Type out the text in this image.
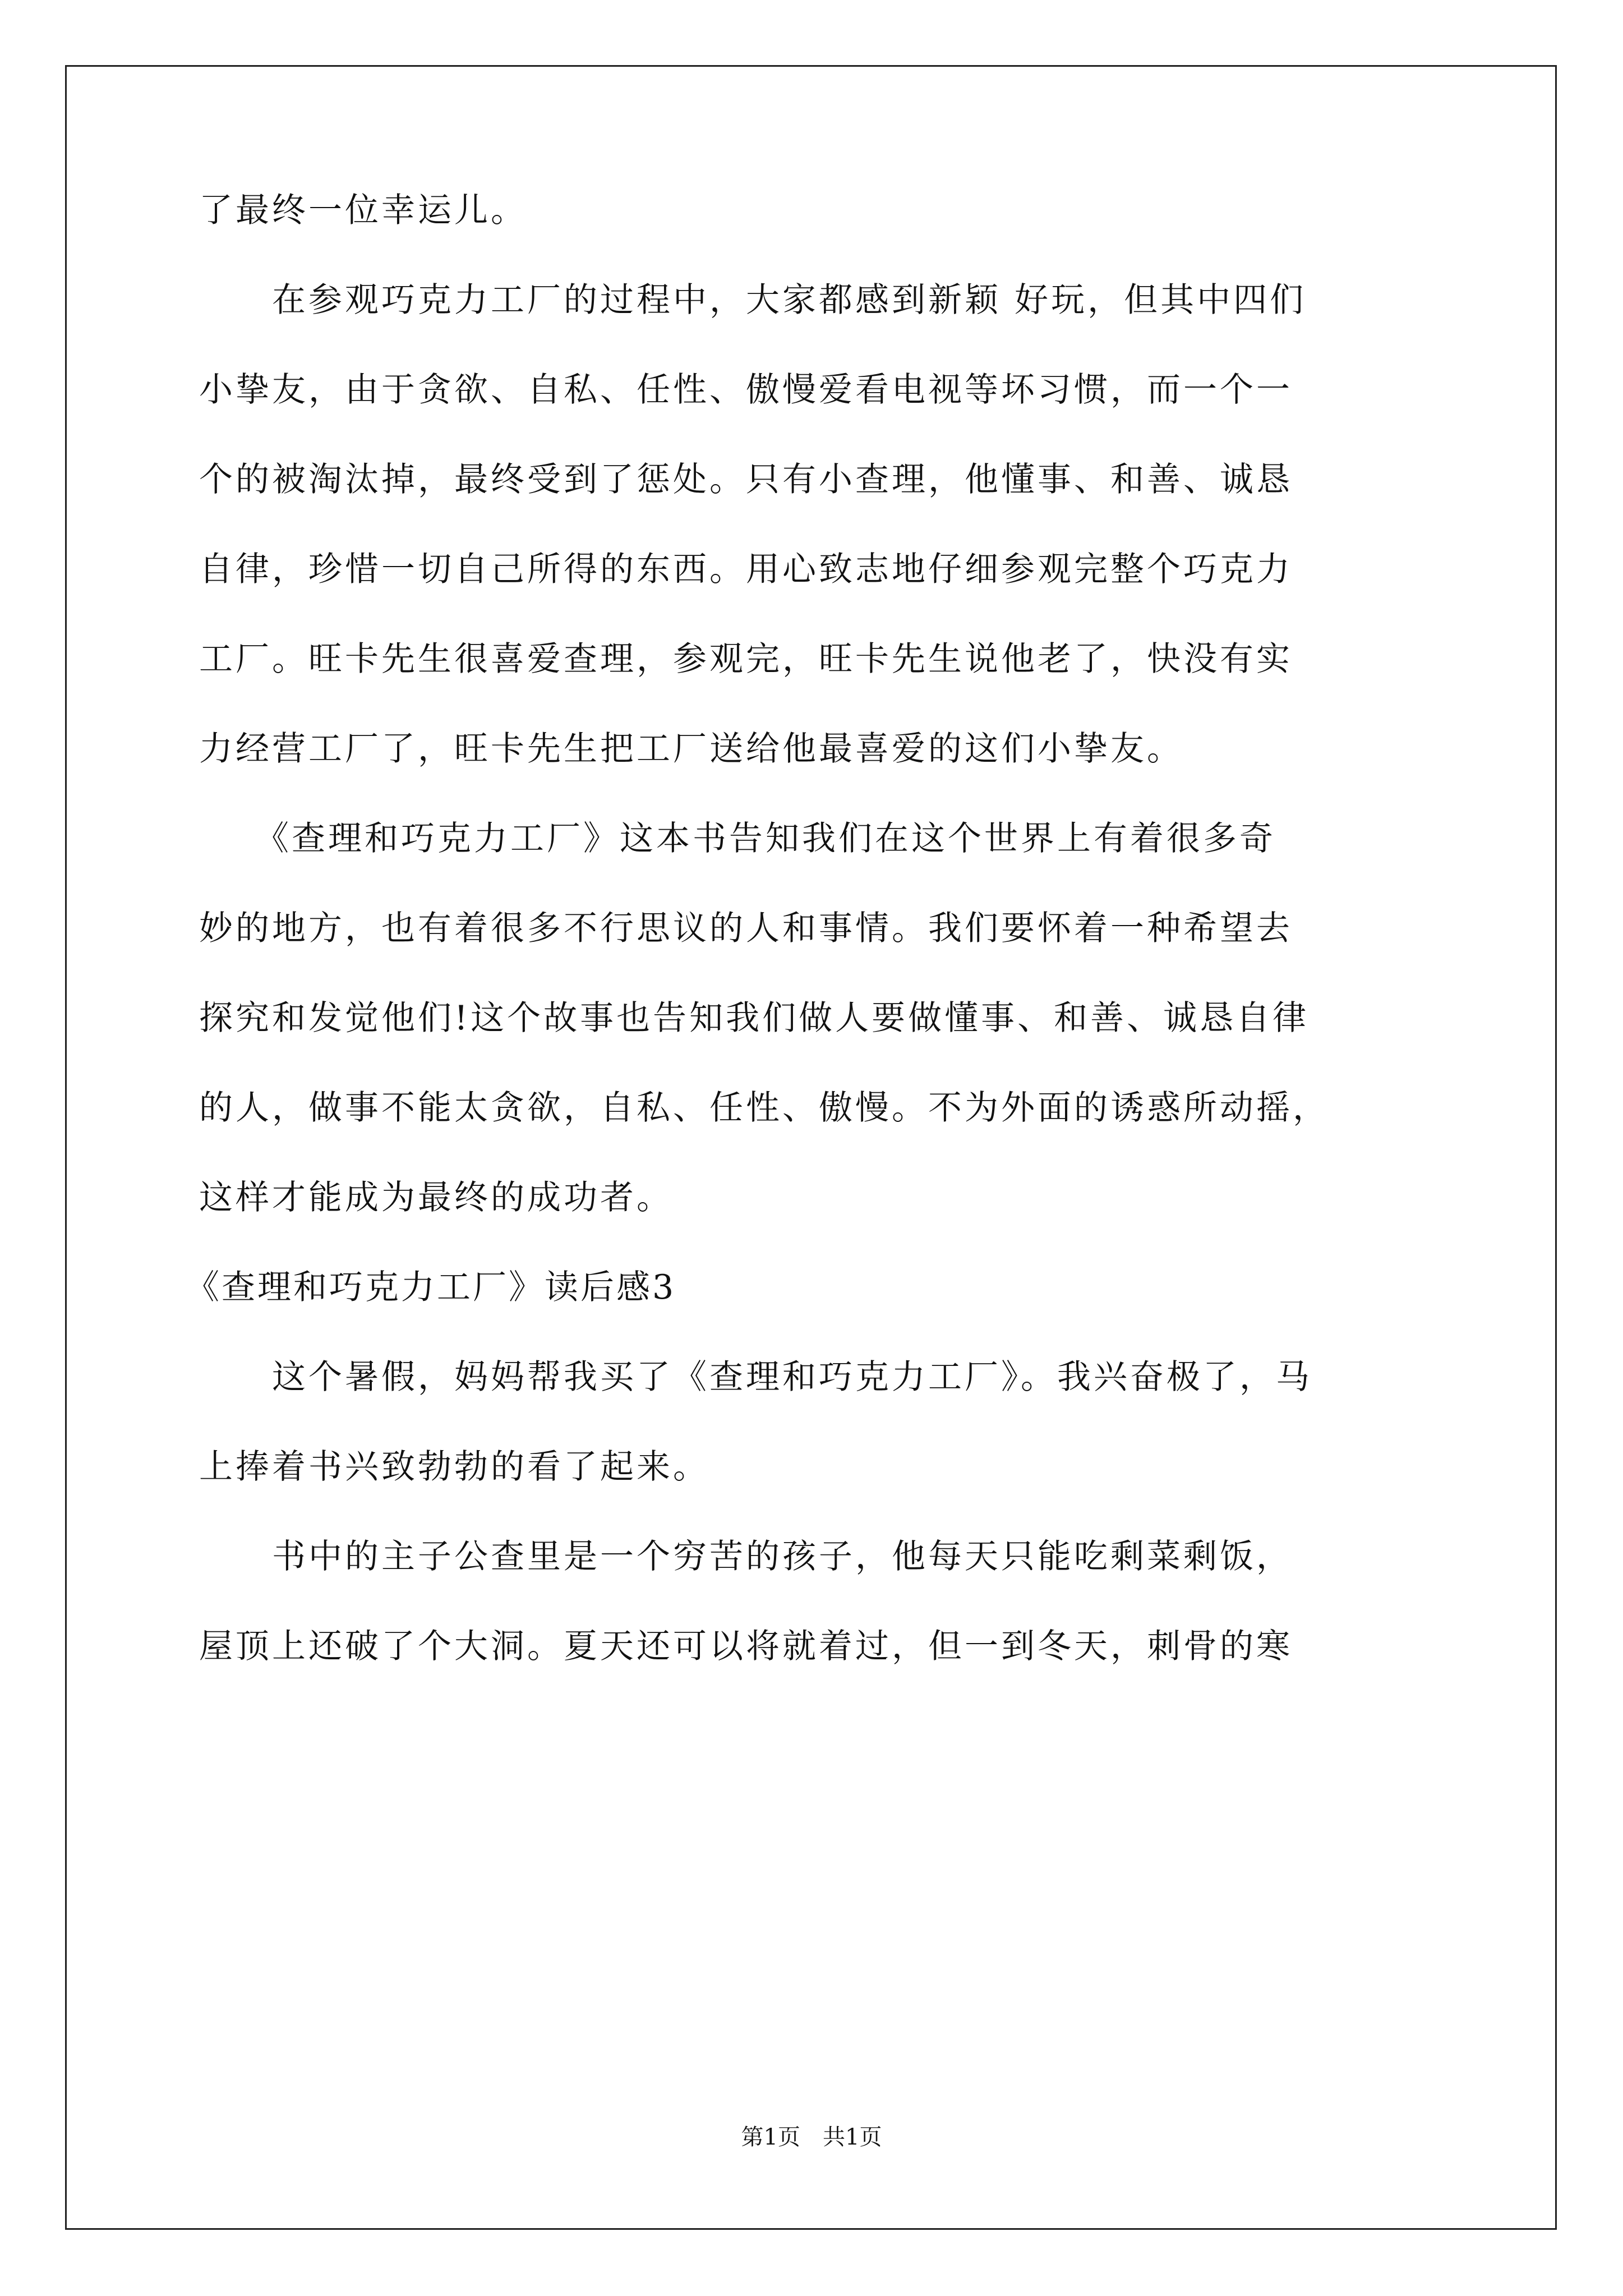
了最终一位幸运儿。
　　在参观巧克力工厂的过程中，大家都感到新颖 好玩，但其中四们
小挚友，由于贪欲、自私、任性、傲慢爱看电视等坏习惯，而一个一
个的被淘汰掉，最终受到了惩处。只有小查理，他懂事、和善、诚恳
自律，珍惜一切自己所得的东西。用心致志地仔细参观完整个巧克力
工厂。旺卡先生很喜爱查理，参观完，旺卡先生说他老了，快没有实
力经营工厂了，旺卡先生把工厂送给他最喜爱的这们小挚友。
　　《查理和巧克力工厂》这本书告知我们在这个世界上有着很多奇
妙的地方，也有着很多不行思议的人和事情。我们要怀着一种希望去
探究和发觉他们!这个故事也告知我们做人要做懂事、和善、诚恳自律
的人，做事不能太贪欲，自私、任性、傲慢。不为外面的诱惑所动摇，
这样才能成为最终的成功者。
《查理和巧克力工厂》读后感3
　　这个暑假，妈妈帮我买了《查理和巧克力工厂》。我兴奋极了，马
上捧着书兴致勃勃的看了起来。
　　书中的主子公查里是一个穷苦的孩子，他每天只能吃剩菜剩饭，
屋顶上还破了个大洞。夏天还可以将就着过，但一到冬天，刺骨的寒
第1页　共1页
